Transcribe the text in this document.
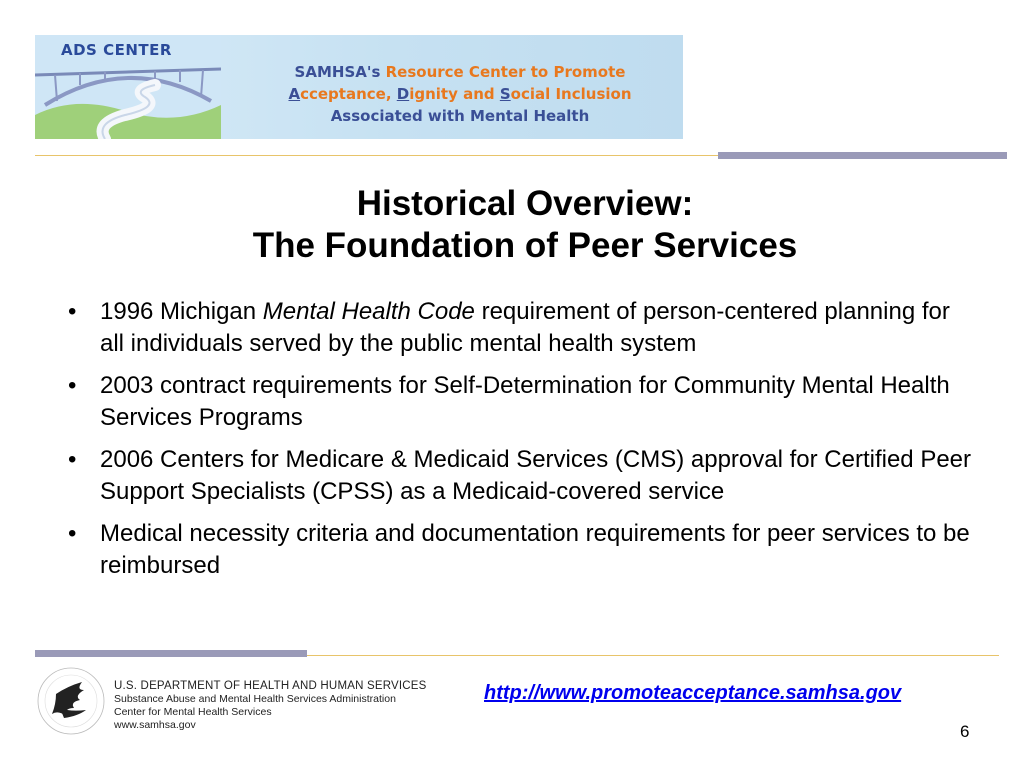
ADS CENTER
SAMHSA's Resource Center to Promote
Acceptance, Dignity and Social Inclusion
Associated with Mental Health
Historical Overview:
The Foundation of Peer Services
• 1996 Michigan Mental Health Code requirement of person-centered planning for all individuals served by the public mental health system
• 2003 contract requirements for Self-Determination for Community Mental Health Services Programs
• 2006 Centers for Medicare & Medicaid Services (CMS) approval for Certified Peer Support Specialists (CPSS) as a Medicaid-covered service
• Medical necessity criteria and documentation requirements for peer services to be reimbursed
U.S. DEPARTMENT OF HEALTH AND HUMAN SERVICES
Substance Abuse and Mental Health Services Administration
Center for Mental Health Services
www.samhsa.gov
http://www.promoteacceptance.samhsa.gov
6
